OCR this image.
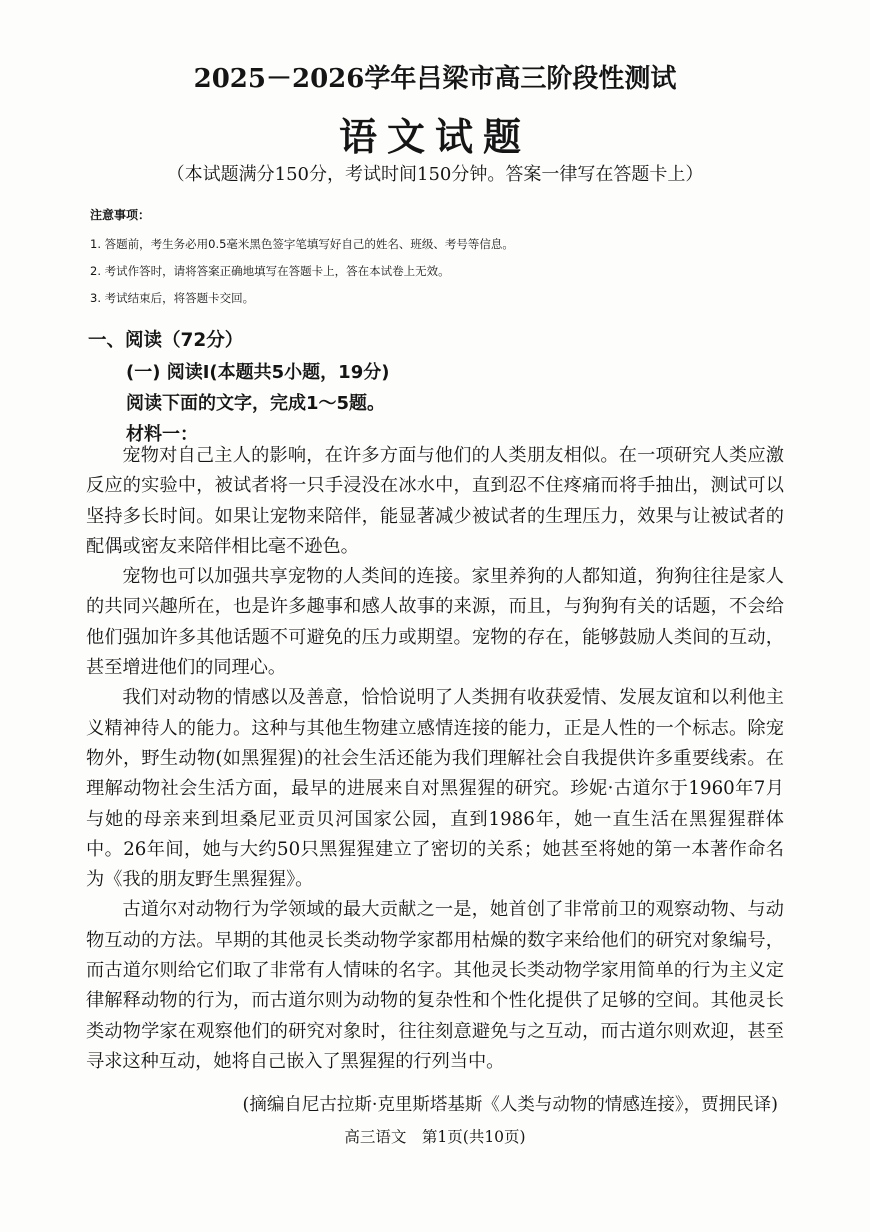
2025－2026学年吕梁市高三阶段性测试
语文试题
（本试题满分150分，考试时间150分钟。答案一律写在答题卡上）
注意事项：
1. 答题前，考生务必用0.5毫米黑色签字笔填写好自己的姓名、班级、考号等信息。
2. 考试作答时，请将答案正确地填写在答题卡上，答在本试卷上无效。
3. 考试结束后，将答题卡交回。
一、阅读（72分）
(一) 阅读Ⅰ(本题共5小题，19分)
阅读下面的文字，完成1～5题。
材料一：

宠物对自己主人的影响，在许多方面与他们的人类朋友相似。在一项研究人类应激反应的实验中，被试者将一只手浸没在冰水中，直到忍不住疼痛而将手抽出，测试可以坚持多长时间。如果让宠物来陪伴，能显著减少被试者的生理压力，效果与让被试者的配偶或密友来陪伴相比毫不逊色。

宠物也可以加强共享宠物的人类间的连接。家里养狗的人都知道，狗狗往往是家人的共同兴趣所在，也是许多趣事和感人故事的来源，而且，与狗狗有关的话题，不会给他们强加许多其他话题不可避免的压力或期望。宠物的存在，能够鼓励人类间的互动，甚至增进他们的同理心。

我们对动物的情感以及善意，恰恰说明了人类拥有收获爱情、发展友谊和以利他主义精神待人的能力。这种与其他生物建立感情连接的能力，正是人性的一个标志。除宠物外，野生动物(如黑猩猩)的社会生活还能为我们理解社会自我提供许多重要线索。在理解动物社会生活方面，最早的进展来自对黑猩猩的研究。珍妮·古道尔于1960年7月与她的母亲来到坦桑尼亚贡贝河国家公园，直到1986年，她一直生活在黑猩猩群体中。26年间，她与大约50只黑猩猩建立了密切的关系；她甚至将她的第一本著作命名为《我的朋友野生黑猩猩》。

古道尔对动物行为学领域的最大贡献之一是，她首创了非常前卫的观察动物、与动物互动的方法。早期的其他灵长类动物学家都用枯燥的数字来给他们的研究对象编号，而古道尔则给它们取了非常有人情味的名字。其他灵长类动物学家用简单的行为主义定律解释动物的行为，而古道尔则为动物的复杂性和个性化提供了足够的空间。其他灵长类动物学家在观察他们的研究对象时，往往刻意避免与之互动，而古道尔则欢迎，甚至寻求这种互动，她将自己嵌入了黑猩猩的行列当中。

(摘编自尼古拉斯·克里斯塔基斯《人类与动物的情感连接》，贾拥民译)
高三语文　第1页(共10页)
